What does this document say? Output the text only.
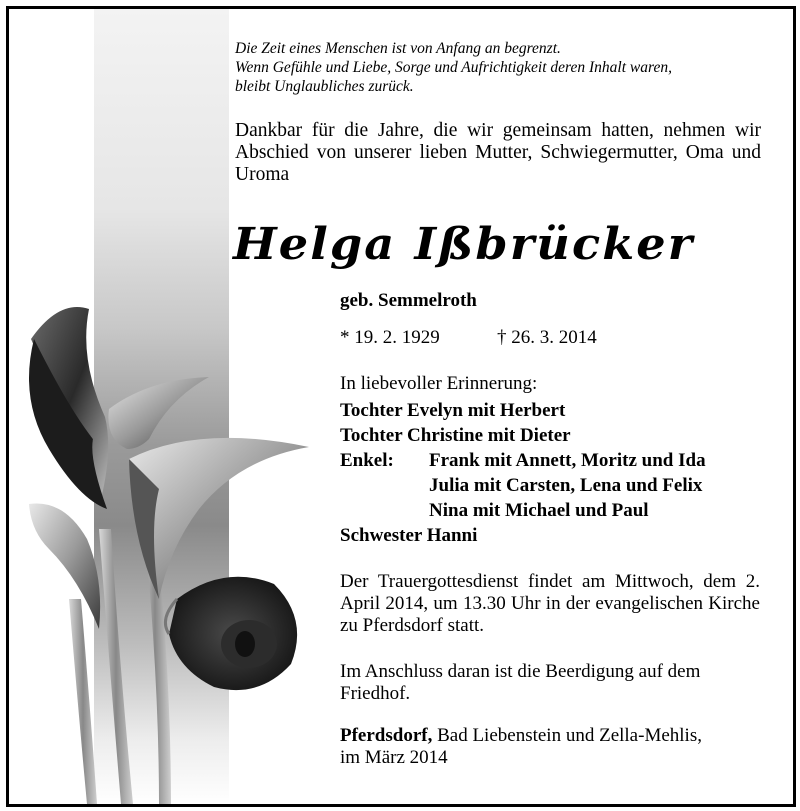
Die Zeit eines Menschen ist von Anfang an begrenzt.
Wenn Gefühle und Liebe, Sorge und Aufrichtigkeit deren Inhalt waren,
bleibt Unglaubliches zurück.

Dankbar für die Jahre, die wir gemeinsam hatten, nehmen wir Abschied von unserer lieben Mutter, Schwiegermutter, Oma und Uroma

Helga Ißbrücker
geb. Semmelroth
* 19. 2. 1929	† 26. 3. 2014
In liebevoller Erinnerung:
Tochter Evelyn mit Herbert
Tochter Christine mit Dieter
Enkel: Frank mit Annett, Moritz und Ida
Julia mit Carsten, Lena und Felix
Nina mit Michael und Paul
Schwester Hanni

Der Trauergottesdienst findet am Mittwoch, dem 2. April 2014, um 13.30 Uhr in der evangelischen Kirche zu Pferdsdorf statt.

Im Anschluss daran ist die Beerdigung auf dem Friedhof.

Pferdsdorf, Bad Liebenstein und Zella-Mehlis,
im März 2014
